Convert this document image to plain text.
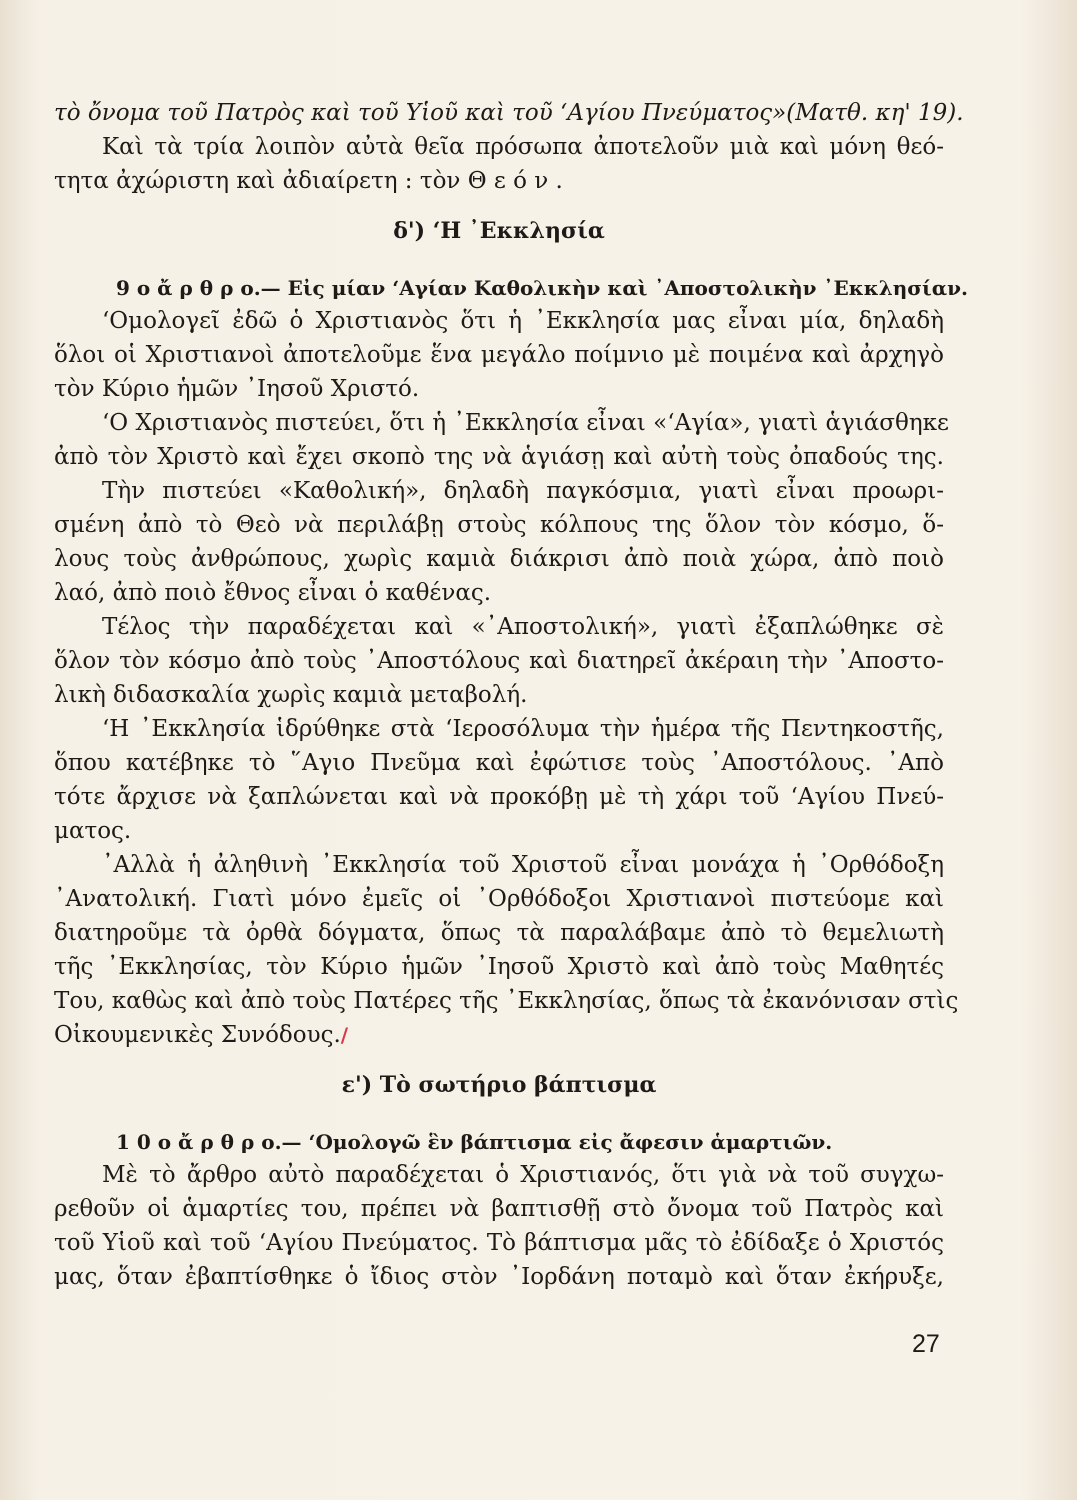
τὸ ὄνομα τοῦ Πατρὸς καὶ τοῦ Υἱοῦ καὶ τοῦ ‘Αγίου Πνεύματος»(Ματθ. κη' 19).
Καὶ τὰ τρία λοιπὸν αὐτὰ θεῖα πρόσωπα ἀποτελοῦν μιὰ καὶ μόνη θεό-
τητα ἀχώριστη καὶ ἀδιαίρετη : τὸν Θ ε ό ν .
δ') ‘Η ᾿Εκκλησία
9 ο ἄ ρ θ ρ ο.— Εἰς μίαν ‘Αγίαν Καθολικὴν καὶ ᾿Αποστολικὴν ᾿Εκκλησίαν.
‘Ομολογεῖ ἐδῶ ὁ Χριστιανὸς ὅτι ἡ ᾿Εκκλησία μας εἶναι μία, δηλαδὴ
ὅλοι οἱ Χριστιανοὶ ἀποτελοῦμε ἕνα μεγάλο ποίμνιο μὲ ποιμένα καὶ ἀρχηγὸ
τὸν Κύριο ἡμῶν ᾿Ιησοῦ Χριστό.
‘Ο Χριστιανὸς πιστεύει, ὅτι ἡ ᾿Εκκλησία εἶναι «‘Αγία», γιατὶ ἁγιάσθηκε
ἀπὸ τὸν Χριστὸ καὶ ἔχει σκοπὸ της νὰ ἁγιάσῃ καὶ αὐτὴ τοὺς ὀπαδούς της.
Τὴν πιστεύει «Καθολική», δηλαδὴ παγκόσμια, γιατὶ εἶναι προωρι-
σμένη ἀπὸ τὸ Θεὸ νὰ περιλάβῃ στοὺς κόλπους της ὅλον τὸν κόσμο, ὅ-
λους τοὺς ἀνθρώπους, χωρὶς καμιὰ διάκρισι ἀπὸ ποιὰ χώρα, ἀπὸ ποιὸ
λαό, ἀπὸ ποιὸ ἔθνος εἶναι ὁ καθένας.
Τέλος τὴν παραδέχεται καὶ «᾿Αποστολική», γιατὶ ἐξαπλώθηκε σὲ
ὅλον τὸν κόσμο ἀπὸ τοὺς ᾿Αποστόλους καὶ διατηρεῖ ἀκέραιη τὴν ᾿Αποστο-
λικὴ διδασκαλία χωρὶς καμιὰ μεταβολή.
‘Η ᾿Εκκλησία ἱδρύθηκε στὰ ‘Ιεροσόλυμα τὴν ἡμέρα τῆς Πεντηκοστῆς,
ὅπου κατέβηκε τὸ ῞Αγιο Πνεῦμα καὶ ἐφώτισε τοὺς ᾿Αποστόλους. ᾿Απὸ
τότε ἄρχισε νὰ ξαπλώνεται καὶ νὰ προκόβῃ μὲ τὴ χάρι τοῦ ‘Αγίου Πνεύ-
ματος.
᾿Αλλὰ ἡ ἀληθινὴ ᾿Εκκλησία τοῦ Χριστοῦ εἶναι μονάχα ἡ ᾿Ορθόδοξη
᾿Ανατολική. Γιατὶ μόνο ἐμεῖς οἱ ᾿Ορθόδοξοι Χριστιανοὶ πιστεύομε καὶ
διατηροῦμε τὰ ὀρθὰ δόγματα, ὅπως τὰ παραλάβαμε ἀπὸ τὸ θεμελιωτὴ
τῆς ᾿Εκκλησίας, τὸν Κύριο ἡμῶν ᾿Ιησοῦ Χριστὸ καὶ ἀπὸ τοὺς Μαθητές
Του, καθὼς καὶ ἀπὸ τοὺς Πατέρες τῆς ᾿Εκκλησίας, ὅπως τὰ ἐκανόνισαν στὶς
Οἰκουμενικὲς Συνόδους./
ε') Τὸ σωτήριο βάπτισμα
1 0 ο ἄ ρ θ ρ ο.— ‘Ομολογῶ ἓν βάπτισμα εἰς ἄφεσιν ἁμαρτιῶν.
Μὲ τὸ ἄρθρο αὐτὸ παραδέχεται ὁ Χριστιανός, ὅτι γιὰ νὰ τοῦ συγχω-
ρεθοῦν οἱ ἁμαρτίες του, πρέπει νὰ βαπτισθῇ στὸ ὄνομα τοῦ Πατρὸς καὶ
τοῦ Υἱοῦ καὶ τοῦ ‘Αγίου Πνεύματος. Τὸ βάπτισμα μᾶς τὸ ἐδίδαξε ὁ Χριστός
μας, ὅταν ἐβαπτίσθηκε ὁ ἴδιος στὸν ᾿Ιορδάνη ποταμὸ καὶ ὅταν ἐκήρυξε,
27
